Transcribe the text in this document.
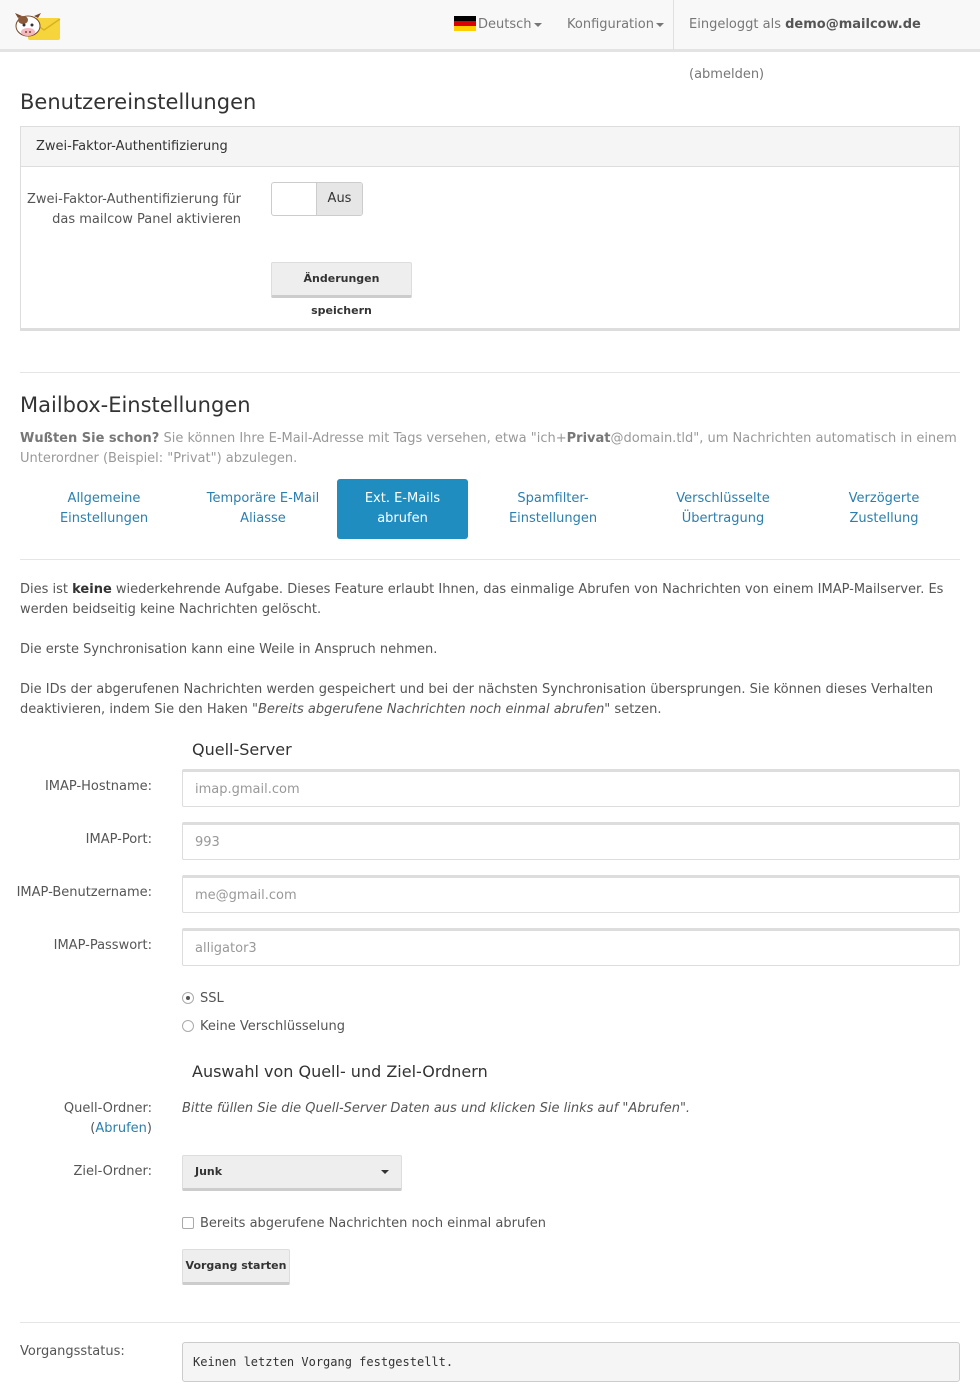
Deutsch	Konfiguration	Eingeloggt als demo@mailcow.de (abmelden)
Benutzereinstellungen
Zwei-Faktor-Authentifizierung
Zwei-Faktor-Authentifizierung für
das mailcow Panel aktivieren
Aus
Änderungen speichern
Mailbox-Einstellungen
Wußten Sie schon? Sie können Ihre E-Mail-Adresse mit Tags versehen, etwa "ich+Privat@domain.tld", um Nachrichten automatisch in einem Unterordner (Beispiel: "Privat") abzulegen.
Allgemeine
Einstellungen
Temporäre E-Mail
Aliasse
Ext. E-Mails
abrufen
Spamfilter-
Einstellungen
Verschlüsselte
Übertragung
Verzögerte
Zustellung
Dies ist keine wiederkehrende Aufgabe. Dieses Feature erlaubt Ihnen, das einmalige Abrufen von Nachrichten von einem IMAP-Mailserver. Es werden beidseitig keine Nachrichten gelöscht.
Die erste Synchronisation kann eine Weile in Anspruch nehmen.
Die IDs der abgerufenen Nachrichten werden gespeichert und bei der nächsten Synchronisation übersprungen. Sie können dieses Verhalten deaktivieren, indem Sie den Haken "Bereits abgerufene Nachrichten noch einmal abrufen" setzen.
Quell-Server
IMAP-Hostname:
imap.gmail.com
IMAP-Port:
993
IMAP-Benutzername:
me@gmail.com
IMAP-Passwort:
alligator3
SSL
Keine Verschlüsselung
Auswahl von Quell- und Ziel-Ordnern
Quell-Ordner:
(Abrufen)
Bitte füllen Sie die Quell-Server Daten aus und klicken Sie links auf "Abrufen".
Ziel-Ordner:	Junk
Bereits abgerufene Nachrichten noch einmal abrufen
Vorgang starten
Vorgangsstatus:
Keinen letzten Vorgang festgestellt.
